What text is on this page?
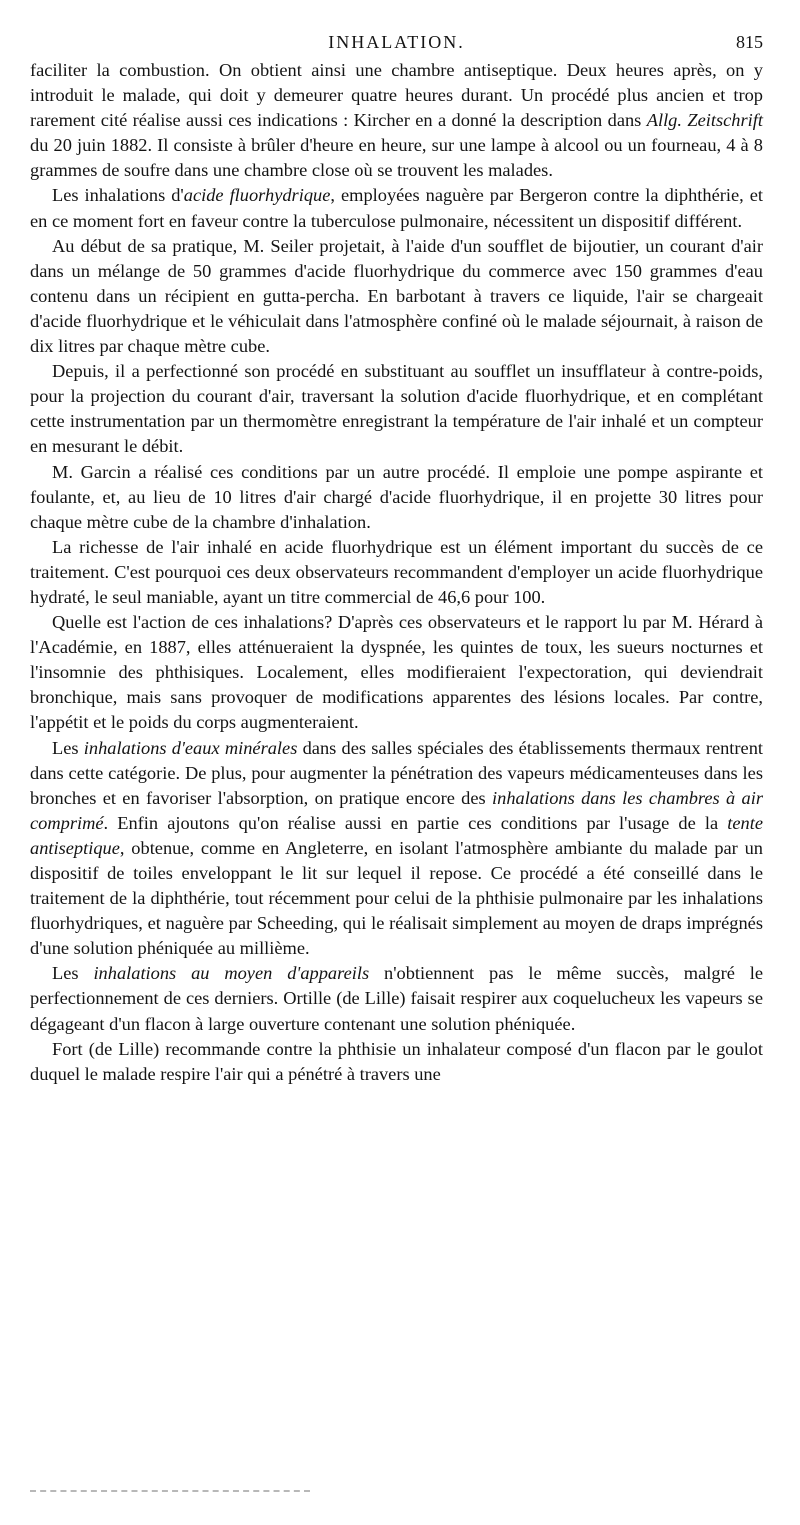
INHALATION.	815

faciliter la combustion. On obtient ainsi une chambre antiseptique. Deux heures après, on y introduit le malade, qui doit y demeurer quatre heures durant. Un procédé plus ancien et trop rarement cité réalise aussi ces indications : Kircher en a donné la description dans Allg. Zeitschrift du 20 juin 1882. Il consiste à brûler d'heure en heure, sur une lampe à alcool ou un fourneau, 4 à 8 grammes de soufre dans une chambre close où se trouvent les malades.

Les inhalations d'acide fluorhydrique, employées naguère par Bergeron contre la diphthérie, et en ce moment fort en faveur contre la tuberculose pulmonaire, nécessitent un dispositif différent.

Au début de sa pratique, M. Seiler projetait, à l'aide d'un soufflet de bijoutier, un courant d'air dans un mélange de 50 grammes d'acide fluorhydrique du commerce avec 150 grammes d'eau contenu dans un récipient en gutta-percha. En barbotant à travers ce liquide, l'air se chargeait d'acide fluorhydrique et le véhiculait dans l'atmosphère confiné où le malade séjournait, à raison de dix litres par chaque mètre cube.

Depuis, il a perfectionné son procédé en substituant au soufflet un insufflateur à contre-poids, pour la projection du courant d'air, traversant la solution d'acide fluorhydrique, et en complétant cette instrumentation par un thermomètre enregistrant la température de l'air inhalé et un compteur en mesurant le débit.

M. Garcin a réalisé ces conditions par un autre procédé. Il emploie une pompe aspirante et foulante, et, au lieu de 10 litres d'air chargé d'acide fluorhydrique, il en projette 30 litres pour chaque mètre cube de la chambre d'inhalation.

La richesse de l'air inhalé en acide fluorhydrique est un élément important du succès de ce traitement. C'est pourquoi ces deux observateurs recommandent d'employer un acide fluorhydrique hydraté, le seul maniable, ayant un titre commercial de 46,6 pour 100.

Quelle est l'action de ces inhalations? D'après ces observateurs et le rapport lu par M. Hérard à l'Académie, en 1887, elles atténueraient la dyspnée, les quintes de toux, les sueurs nocturnes et l'insomnie des phthisiques. Localement, elles modifieraient l'expectoration, qui deviendrait bronchique, mais sans provoquer de modifications apparentes des lésions locales. Par contre, l'appétit et le poids du corps augmenteraient.

Les inhalations d'eaux minérales dans des salles spéciales des établissements thermaux rentrent dans cette catégorie. De plus, pour augmenter la pénétration des vapeurs médicamenteuses dans les bronches et en favoriser l'absorption, on pratique encore des inhalations dans les chambres à air comprimé. Enfin ajoutons qu'on réalise aussi en partie ces conditions par l'usage de la tente antiseptique, obtenue, comme en Angleterre, en isolant l'atmosphère ambiante du malade par un dispositif de toiles enveloppant le lit sur lequel il repose. Ce procédé a été conseillé dans le traitement de la diphthérie, tout récemment pour celui de la phthisie pulmonaire par les inhalations fluorhydriques, et naguère par Scheeding, qui le réalisait simplement au moyen de draps imprégnés d'une solution phéniquée au millième.

Les inhalations au moyen d'appareils n'obtiennent pas le même succès, malgré le perfectionnement de ces derniers. Ortille (de Lille) faisait respirer aux coquelucheux les vapeurs se dégageant d'un flacon à large ouverture contenant une solution phéniquée.

Fort (de Lille) recommande contre la phthisie un inhalateur composé d'un flacon par le goulot duquel le malade respire l'air qui a pénétré à travers une
